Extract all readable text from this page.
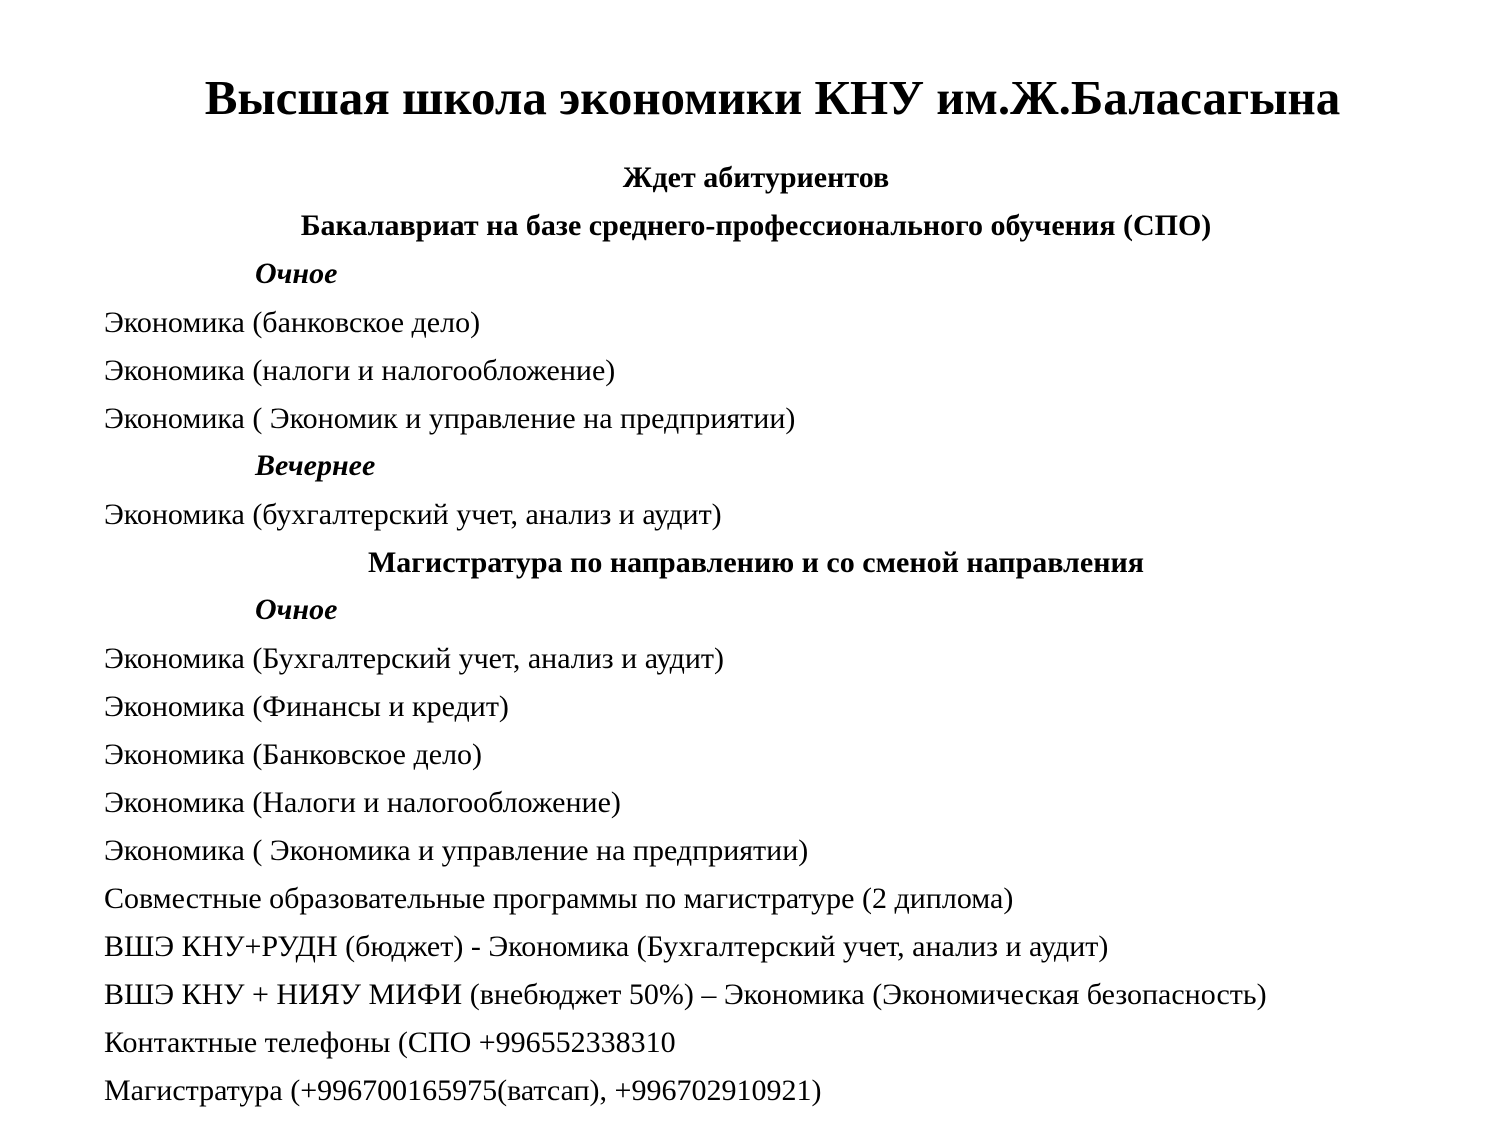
Высшая школа экономики КНУ им.Ж.Баласагына
Ждет абитуриентов
Бакалавриат на базе среднего-профессионального обучения (СПО)
Очное
Экономика (банковское дело)
Экономика (налоги и налогообложение)
Экономика ( Экономик и управление на предприятии)
Вечернее
Экономика (бухгалтерский учет, анализ и аудит)
Магистратура по направлению и со сменой направления
Очное
Экономика (Бухгалтерский учет, анализ и аудит)
Экономика (Финансы и кредит)
Экономика (Банковское дело)
Экономика (Налоги и налогообложение)
Экономика ( Экономика и управление на предприятии)
Совместные образовательные программы по магистратуре (2 диплома)
ВШЭ КНУ+РУДН (бюджет) - Экономика (Бухгалтерский учет, анализ и аудит)
ВШЭ КНУ + НИЯУ МИФИ (внебюджет 50%) – Экономика (Экономическая безопасность)
Контактные телефоны (СПО +996552338310
Магистратура (+996700165975(ватсап), +996702910921)
